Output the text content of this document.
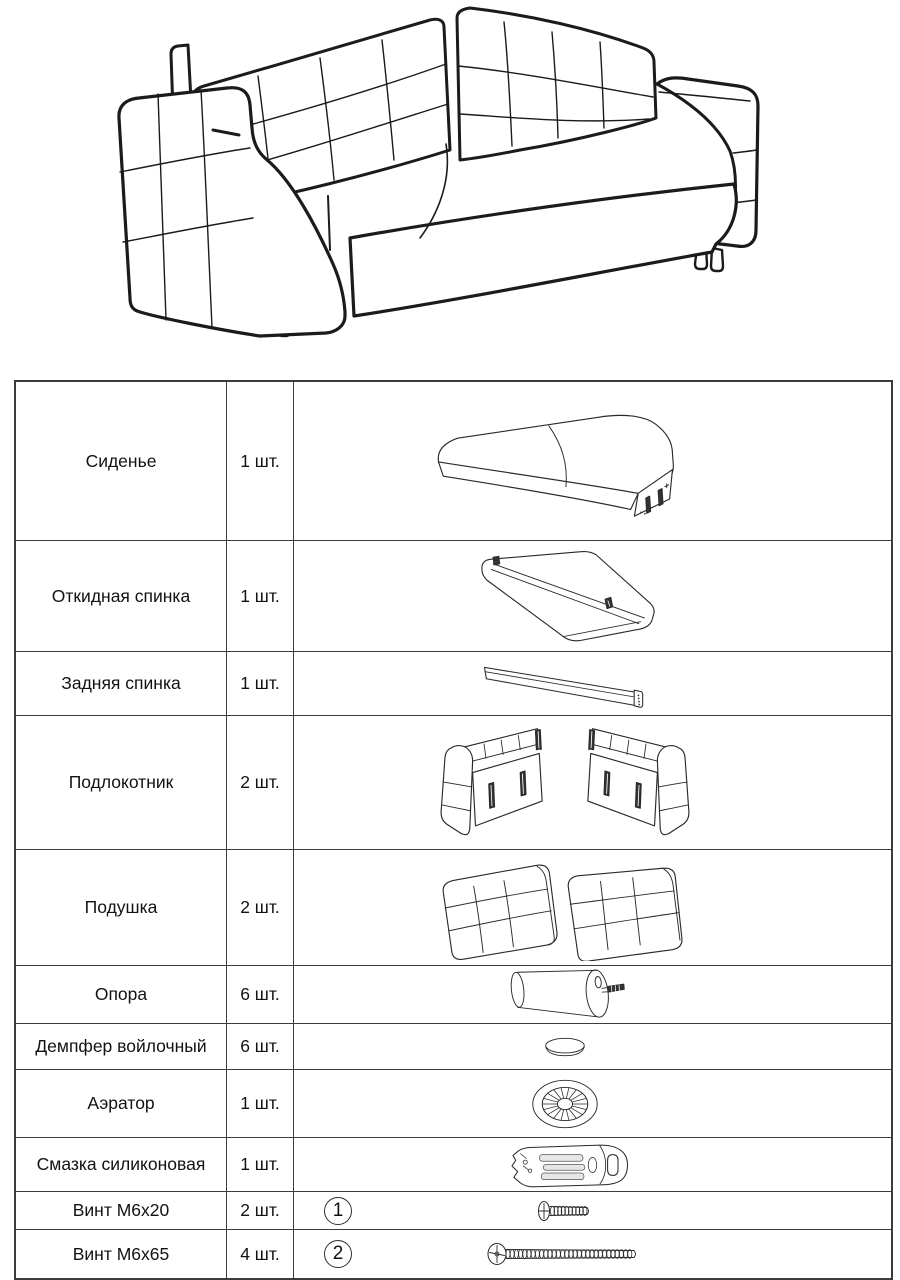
Сиденье	1 шт.	
Откидная спинка	1 шт.	
Задняя спинка	1 шт.	
Подлокотник	2 шт.	
Подушка	2 шт.	
Опора	6 шт.	
Демпфер войлочный	6 шт.	
Аэратор	1 шт.	
Смазка силиконовая	1 шт.	
Винт М6х20	2 шт.	1

Винт М6х65	4 шт.	2
